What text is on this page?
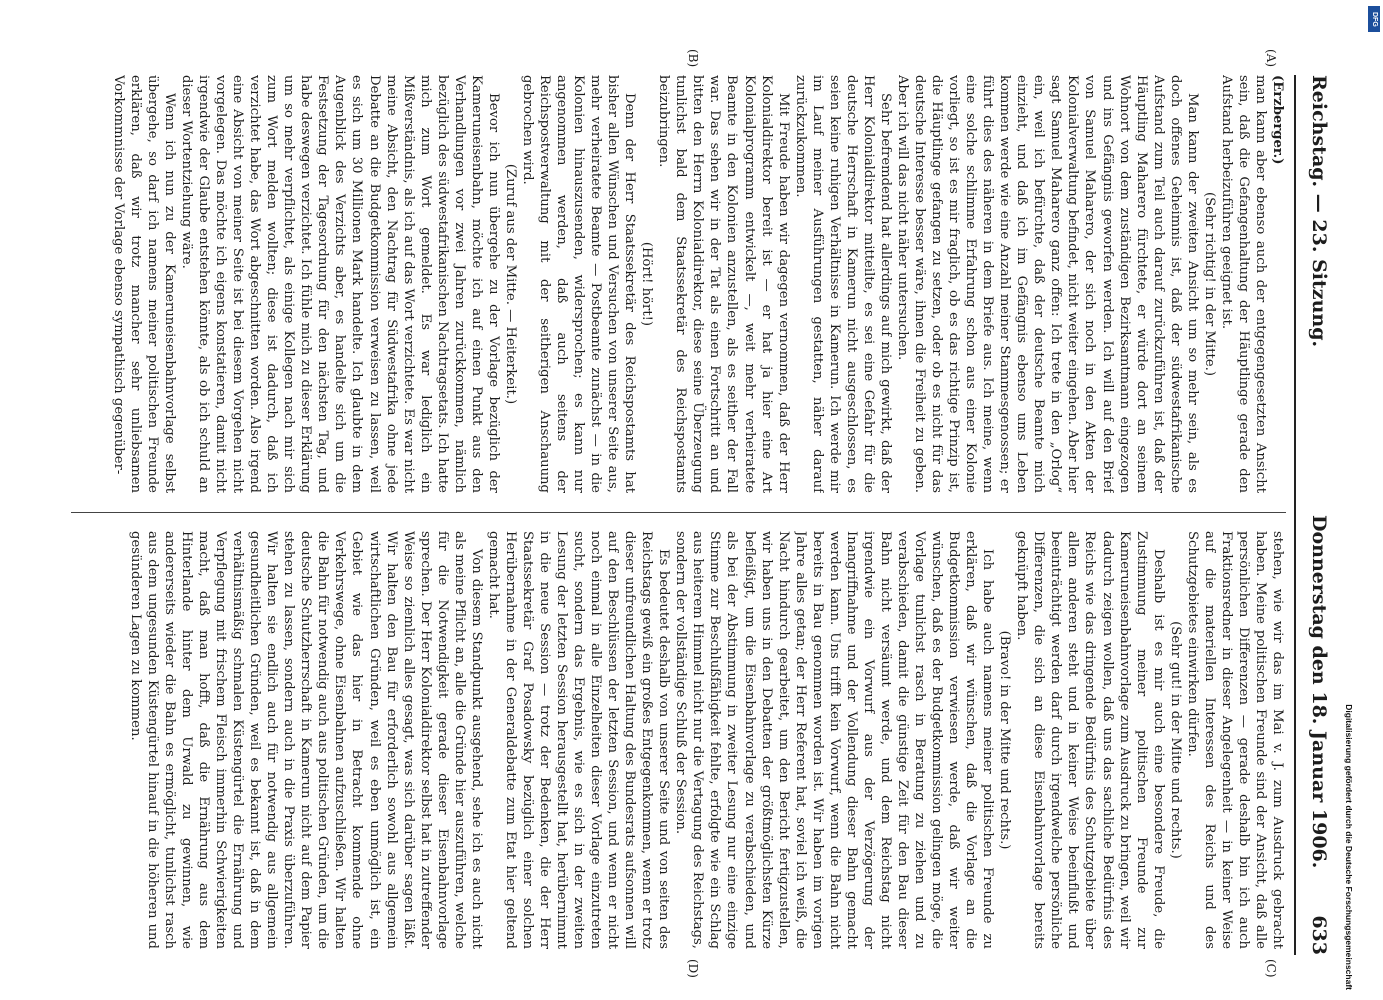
DFG
Digitalisierung gefördert durch die Deutsche Forschungsgemeinschaft
Reichstag. — 23. Sitzung.
Donnerstag den 18. Januar 1906.
633
(A)
(B)
(C)
(D)

(Erzberger.)

man kann aber ebenso auch der entgegengesetzten Ansicht sein, daß die Gefangenhaltung der Häuptlinge gerade den Aufstand herbeizuführen geeignet ist.

(Sehr richtig! in der Mitte.)

Man kann der zweiten Ansicht um so mehr sein, als es doch offenes Geheimnis ist, daß der südwestafrikanische Aufstand zum Teil auch darauf zurückzuführen ist, daß der Häuptling Maharero fürchtete, er würde dort an seinem Wohnort von dem zuständigen Bezirksamtmann eingezogen und ins Gefängnis geworfen werden. Ich will auf den Brief von Samuel Maharero, der sich noch in den Akten der Kolonialverwaltung befindet, nicht weiter eingehen. Aber hier sagt Samuel Maharero ganz offen: Ich trete in den „Orlog“ ein, weil ich befürchte, daß der deutsche Beamte mich einzieht, und daß ich im Gefängnis ebenso ums Leben kommen werde wie eine Anzahl meiner Stammesgenossen; er führt dies des näheren in dem Briefe aus. Ich meine, wenn eine solche schlimme Erfahrung schon aus einer Kolonie vorliegt, so ist es mir fraglich, ob es das richtige Prinzip ist, die Häuptlinge gefangen zu setzen, oder ob es nicht für das deutsche Interesse besser wäre, ihnen die Freiheit zu geben. Aber ich will das nicht näher untersuchen.

Sehr befremdend hat allerdings auf mich gewirkt, daß der Herr Kolonialdirektor mitteilte, es sei eine Gefahr für die deutsche Herrschaft in Kamerun nicht ausgeschlossen, es seien keine ruhigen Verhältnisse in Kamerun. Ich werde mir im Lauf meiner Ausführungen gestatten, näher darauf zurückzukommen.

Mit Freude haben wir dagegen vernommen, daß der Herr Kolonialdirektor bereit ist — er hat ja hier eine Art Kolonialprogramm entwickelt —, weit mehr verheiratete Beamte in den Kolonien anzustellen, als es seither der Fall war. Das sehen wir in der Tat als einen Fortschritt an und bitten den Herrn Kolonialdirektor, diese seine Überzeugung tunlichst bald dem Staatssekretär des Reichspostamts beizubringen.

(Hört! hört!)

Denn der Herr Staatssekretär des Reichspostamts hat bisher allen Wünschen und Versuchen von unserer Seite aus, mehr verheiratete Beamte — Postbeamte zunächst — in die Kolonien hinauszusenden, widersprochen; es kann nur angenommen werden, daß auch seitens der Reichspostverwaltung mit der seitherigen Anschauung gebrochen wird.

(Zuruf aus der Mitte. — Heiterkeit.)

Bevor ich nun übergehe zu der Vorlage bezüglich der Kameruneisenbahn, möchte ich auf einen Punkt aus den Verhandlungen vor zwei Jahren zurückkommen, nämlich bezüglich des südwestafrikanischen Nachtragsetats. Ich hatte mich zum Wort gemeldet. Es war lediglich ein Mißverständnis, als ich auf das Wort verzichtete. Es war nicht meine Absicht, den Nachtrag für Südwestafrika ohne jede Debatte an die Budgetkommission verweisen zu lassen, weil es sich um 30 Millionen Mark handelte. Ich glaubte in dem Augenblick des Verzichts aber, es handelte sich um die Festsetzung der Tagesordnung für den nächsten Tag, und habe deswegen verzichtet. Ich fühle mich zu dieser Erklärung um so mehr verpflichtet, als einige Kollegen nach mir sich zum Wort melden wollten; diese ist dadurch, daß ich verzichtet habe, das Wort abgeschnitten worden. Also irgend eine Absicht von meiner Seite ist bei diesem Vorgehen nicht vorgelegen. Das möchte ich eigens konstatieren, damit nicht irgendwie der Glaube entstehen könnte, als ob ich schuld an dieser Wortentziehung wäre.

Wenn ich nun zu der Kameruneisenbahnvorlage selbst übergehe, so darf ich namens meiner politischen Freunde erklären, daß wir trotz mancher sehr unliebsamen Vorkommnisse der Vorlage ebenso sympathisch gegenüber-

stehen, wie wir das im Mai v. J. zum Ausdruck gebracht haben. Meine politischen Freunde sind der Ansicht, daß alle persönlichen Differenzen — gerade deshalb bin ich auch Fraktionsredner in dieser Angelegenheit — in keiner Weise auf die materiellen Interessen des Reichs und des Schutzgebietes einwirken dürfen.

(Sehr gut! in der Mitte und rechts.)

Deshalb ist es mir auch eine besondere Freude, die Zustimmung meiner politischen Freunde zur Kameruneisenbahnvorlage zum Ausdruck zu bringen, weil wir dadurch zeigen wollen, daß uns das sachliche Bedürfnis des Reichs wie das dringende Bedürfnis des Schutzgebiete über allem anderen steht und in keiner Weise beeinflußt und beeinträchtigt werden darf durch irgendwelche persönliche Differenzen, die sich an diese Eisenbahnvorlage bereits geknüpft haben.

(Bravo! in der Mitte und rechts.)

Ich habe auch namens meiner politischen Freunde zu erklären, daß wir wünschen, daß die Vorlage an die Budgetkommission verwiesen werde, daß wir weiter wünschen, daß es der Budgetkommission gelingen möge, die Vorlage tunlichst rasch in Beratung zu ziehen und zu verabschieden, damit die günstige Zeit für den Bau dieser Bahn nicht versäumt werde, und dem Reichstag nicht irgendwie ein Vorwurf aus der Verzögerung der Inangriffnahme und der Vollendung dieser Bahn gemacht werden kann. Uns trifft kein Vorwurf, wenn die Bahn nicht bereits in Bau genommen worden ist. Wir haben im vorigen Jahre alles getan; der Herr Referent hat, soviel ich weiß, die Nacht hindurch gearbeitet, um den Bericht fertigzustellen, wir haben uns in den Debatten der größtmöglichsten Kürze befleißigt, um die Eisenbahnvorlage zu verabschieden, und als bei der Abstimmung in zweiter Lesung nur eine einzige Stimme zur Beschlußfähigkeit fehlte, erfolgte wie ein Schlag aus heiterem Himmel nicht nur die Vertagung des Reichstags, sondern der vollständige Schluß der Session.

Es bedeutet deshalb von unserer Seite und von seiten des Reichstags gewiß ein großes Entgegenkommen, wenn er trotz dieser unfreundlichen Haltung des Bundesrats aufsonnen will auf den Beschlüssen der letzten Session, und wenn er nicht noch einmal in alle Einzelheiten dieser Vorlage einzutreten sucht, sondern das Ergebnis, wie es sich in der zweiten Lesung der letzten Session herausgestellt hat, herübernimmt in die neue Session — trotz der Bedenken, die der Herr Staatssekretär Graf Posadowsky bezüglich einer solchen Herübernahme in der Generaldebatte zum Etat hier geltend gemacht hat.

Von diesem Standpunkt ausgehend, sehe ich es auch nicht als meine Pflicht an, alle die Gründe hier auszuführen, welche für die Notwendigkeit gerade dieser Eisenbahnvorlage sprechen. Der Herr Kolonialdirektor selbst hat in zutreffender Weise so ziemlich alles gesagt, was sich darüber sagen läßt. Wir halten den Bau für erforderlich sowohl aus allgemein wirtschaftlichen Gründen, weil es eben unmöglich ist, ein Gebiet wie das hier in Betracht kommende ohne Verkehrswege, ohne Eisenbahnen aufzuschließen. Wir halten die Bahn für notwendig auch aus politischen Gründen, um die deutsche Schutzherrschaft in Kamerun nicht auf dem Papier stehen zu lassen, sondern auch in die Praxis überzuführen. Wir halten sie endlich auch für notwendig aus allgemein gesundheitlichen Gründen, weil es bekannt ist, daß in dem verhältnismäßig schmalen Küstengürtel die Ernährung und Verpflegung mit frischem Fleisch immerhin Schwierigkeiten macht, daß man hofft, daß die Ernährung aus dem Hinterlande hinter dem Urwald zu gewinnen, wie andererseits wieder die Bahn es ermöglicht, tunlichst rasch aus dem ungesunden Küstengürtel hinauf in die höheren und gesünderen Lagen zu kommen.
